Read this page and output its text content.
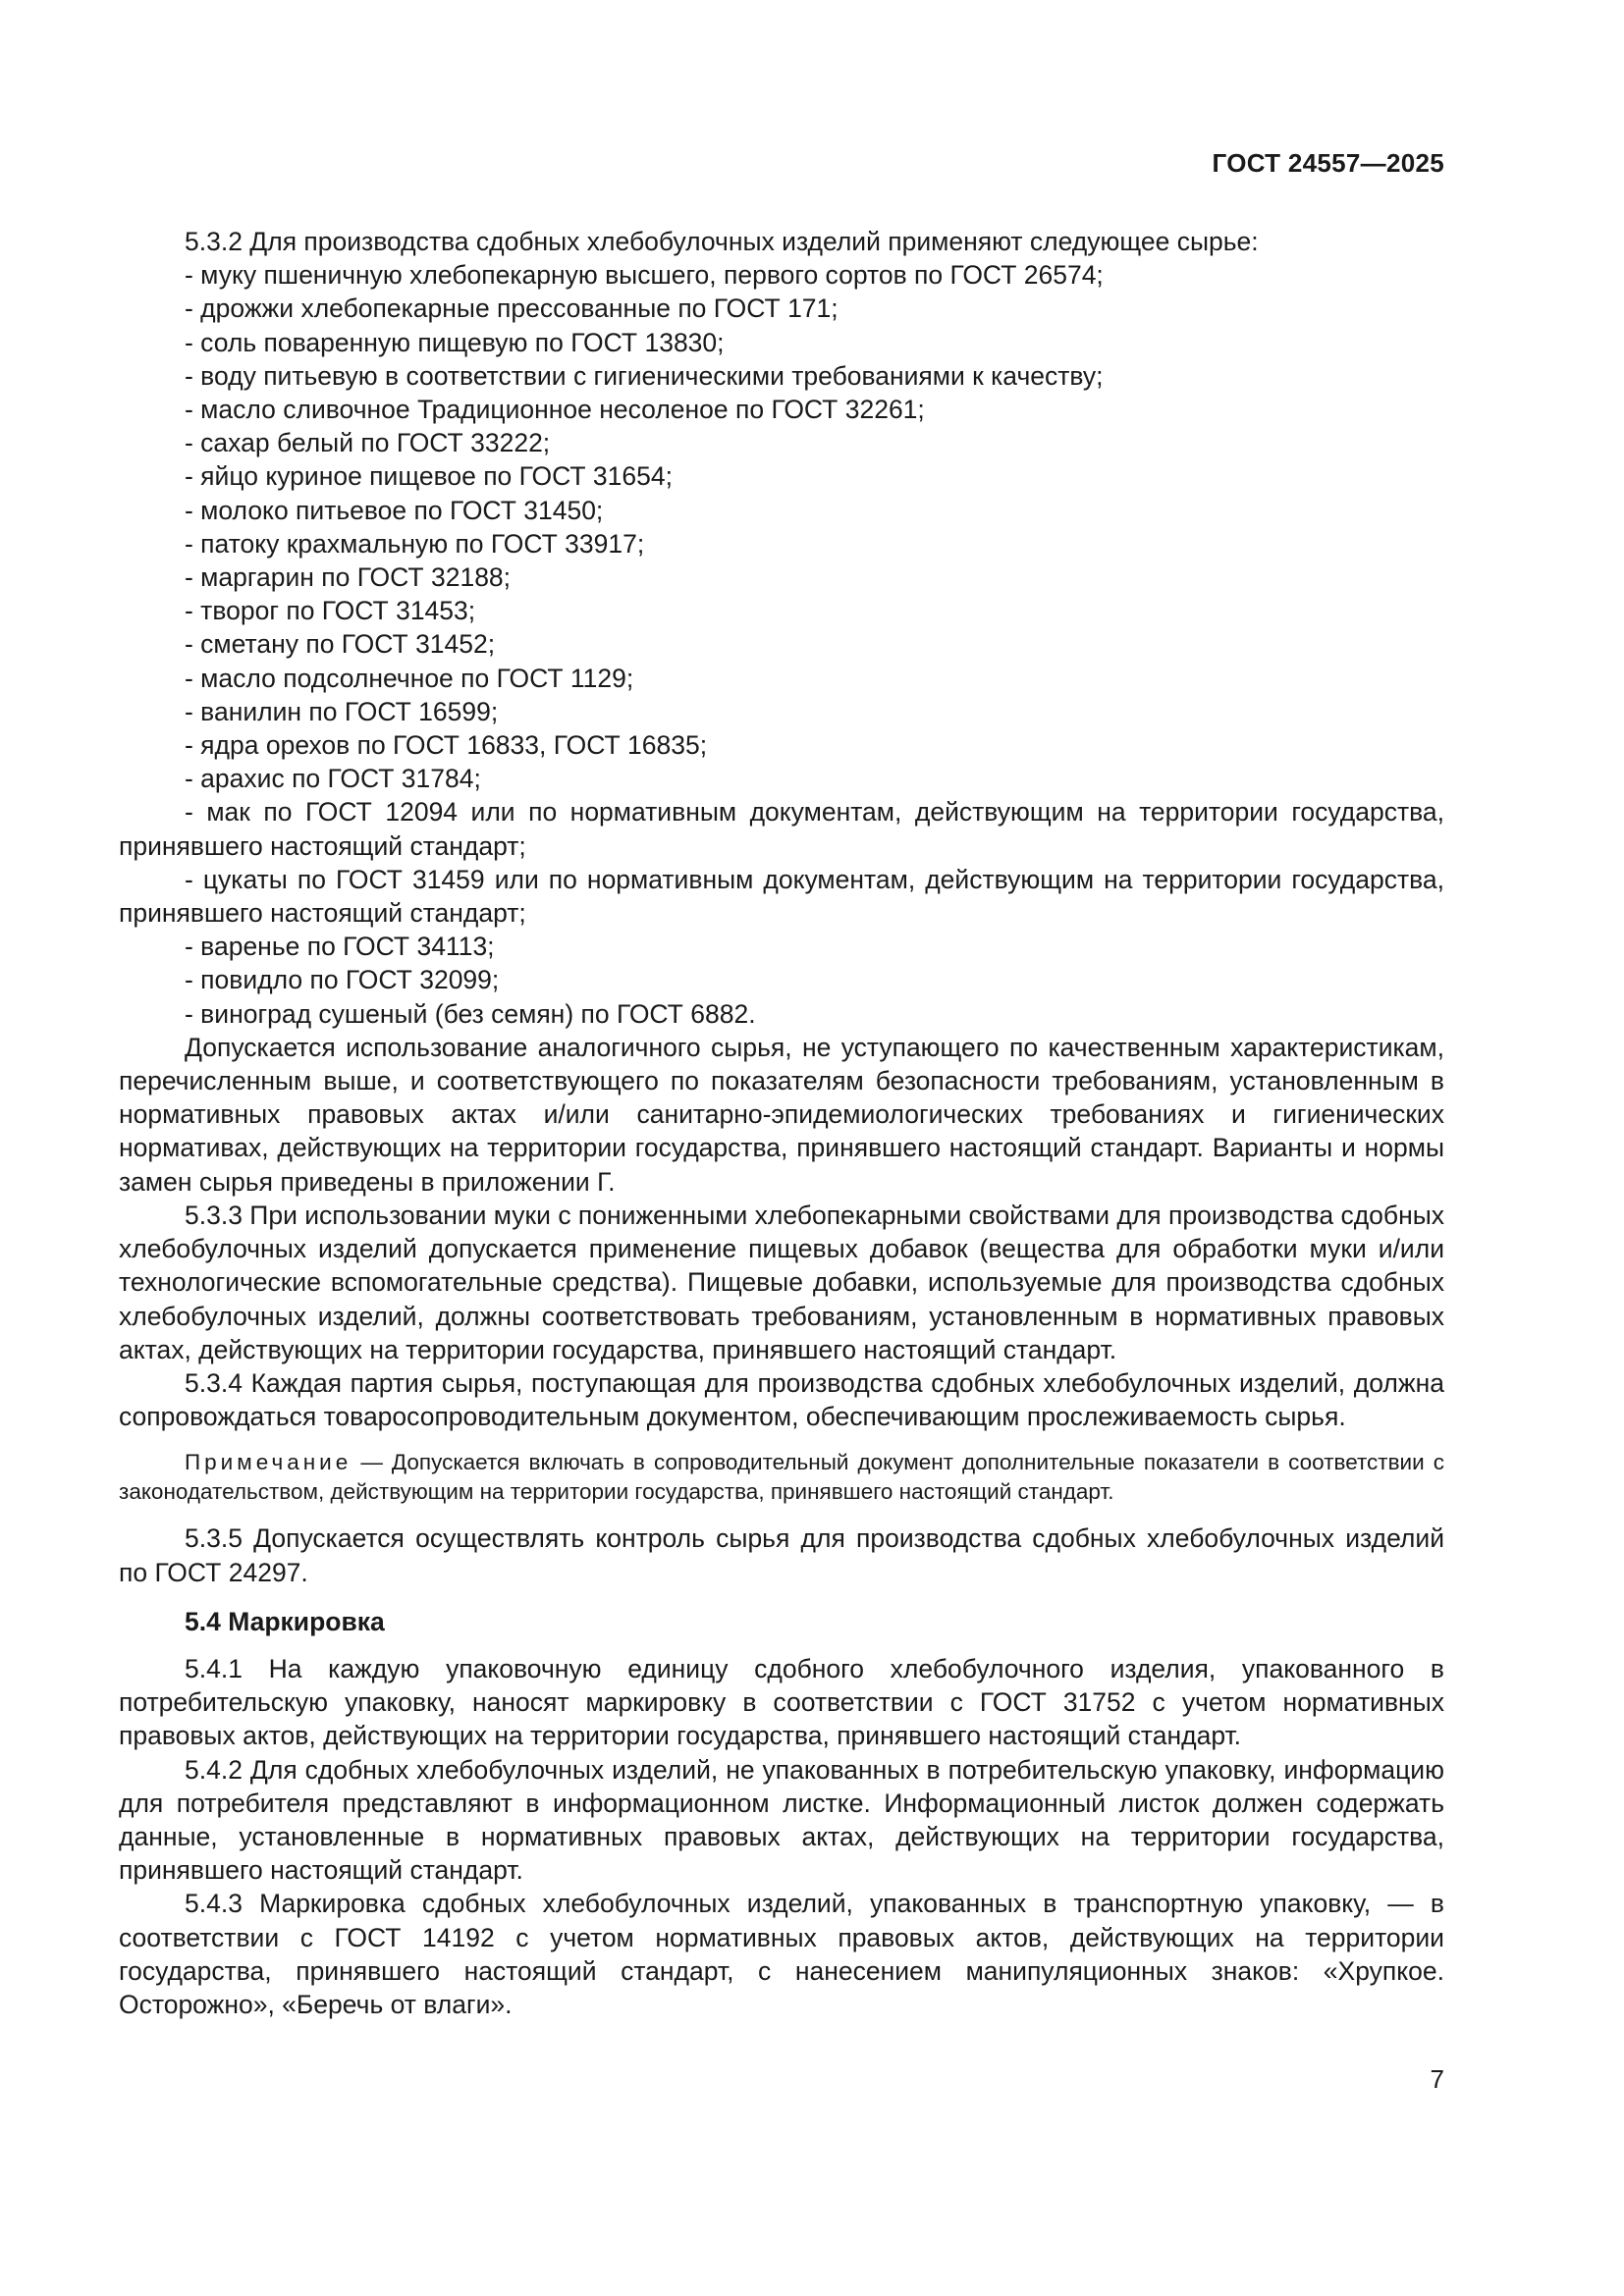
ГОСТ 24557—2025

5.3.2 Для производства сдобных хлебобулочных изделий применяют следующее сырье:

- муку пшеничную хлебопекарную высшего, первого сортов по ГОСТ 26574;

- дрожжи хлебопекарные прессованные по ГОСТ 171;

- соль поваренную пищевую по ГОСТ 13830;

- воду питьевую в соответствии с гигиеническими требованиями к качеству;

- масло сливочное Традиционное несоленое по ГОСТ 32261;

- сахар белый по ГОСТ 33222;

- яйцо куриное пищевое по ГОСТ 31654;

- молоко питьевое по ГОСТ 31450;

- патоку крахмальную по ГОСТ 33917;

- маргарин по ГОСТ 32188;

- творог по ГОСТ 31453;

- сметану по ГОСТ 31452;

- масло подсолнечное по ГОСТ 1129;

- ванилин по ГОСТ 16599;

- ядра орехов по ГОСТ 16833, ГОСТ 16835;

- арахис по ГОСТ 31784;

- мак по ГОСТ 12094 или по нормативным документам, действующим на территории государства, принявшего настоящий стандарт;

- цукаты по ГОСТ 31459 или по нормативным документам, действующим на территории государства, принявшего настоящий стандарт;

- варенье по ГОСТ 34113;

- повидло по ГОСТ 32099;

- виноград сушеный (без семян) по ГОСТ 6882.

Допускается использование аналогичного сырья, не уступающего по качественным характеристикам, перечисленным выше, и соответствующего по показателям безопасности требованиям, установленным в нормативных правовых актах и/или санитарно-эпидемиологических требованиях и гигиенических нормативах, действующих на территории государства, принявшего настоящий стандарт. Варианты и нормы замен сырья приведены в приложении Г.

5.3.3 При использовании муки с пониженными хлебопекарными свойствами для производства сдобных хлебобулочных изделий допускается применение пищевых добавок (вещества для обработки муки и/или технологические вспомогательные средства). Пищевые добавки, используемые для производства сдобных хлебобулочных изделий, должны соответствовать требованиям, установленным в нормативных правовых актах, действующих на территории государства, принявшего настоящий стандарт.

5.3.4 Каждая партия сырья, поступающая для производства сдобных хлебобулочных изделий, должна сопровождаться товаросопроводительным документом, обеспечивающим прослеживаемость сырья.

Примечание — Допускается включать в сопроводительный документ дополнительные показатели в соответствии с законодательством, действующим на территории государства, принявшего настоящий стандарт.

5.3.5 Допускается осуществлять контроль сырья для производства сдобных хлебобулочных изделий по ГОСТ 24297.

5.4 Маркировка

5.4.1 На каждую упаковочную единицу сдобного хлебобулочного изделия, упакованного в потребительскую упаковку, наносят маркировку в соответствии с ГОСТ 31752 с учетом нормативных правовых актов, действующих на территории государства, принявшего настоящий стандарт.

5.4.2 Для сдобных хлебобулочных изделий, не упакованных в потребительскую упаковку, информацию для потребителя представляют в информационном листке. Информационный листок должен содержать данные, установленные в нормативных правовых актах, действующих на территории государства, принявшего настоящий стандарт.

5.4.3 Маркировка сдобных хлебобулочных изделий, упакованных в транспортную упаковку, — в соответствии с ГОСТ 14192 с учетом нормативных правовых актов, действующих на территории государства, принявшего настоящий стандарт, с нанесением манипуляционных знаков: «Хрупкое. Осторожно», «Беречь от влаги».

7
